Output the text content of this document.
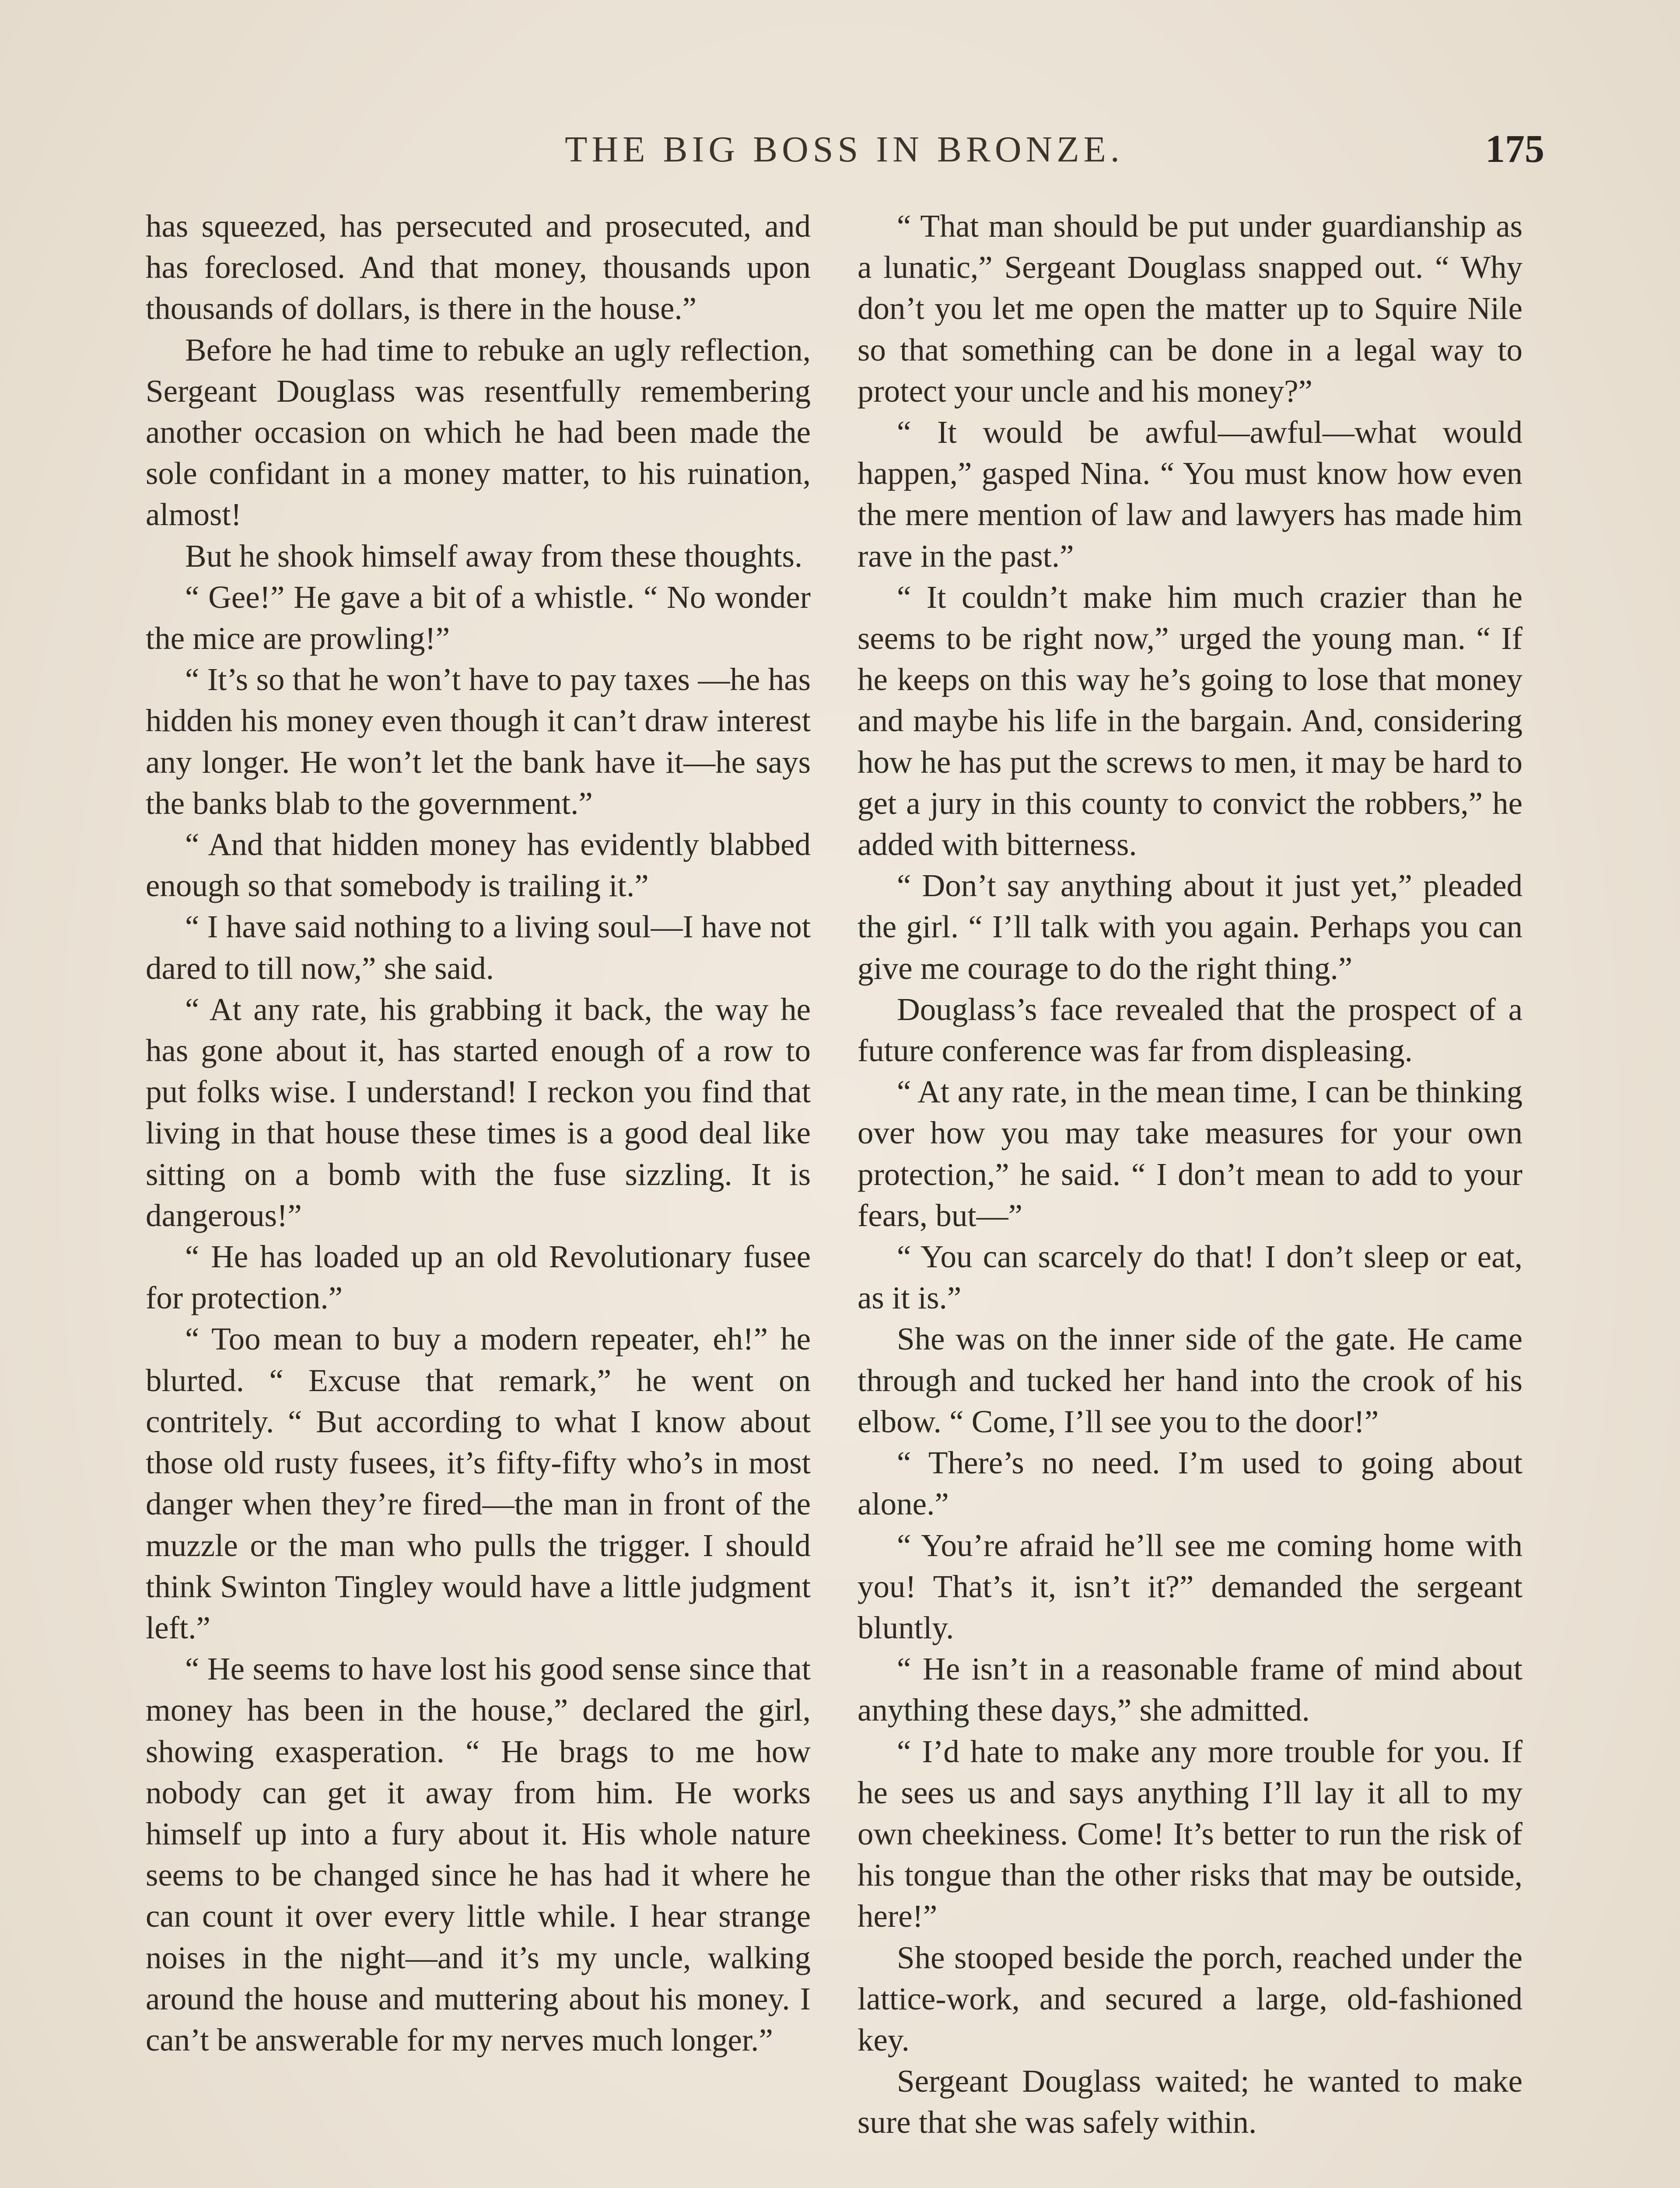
THE BIG BOSS IN BRONZE.	175

has squeezed, has persecuted and prosecuted, and has foreclosed. And that money, thousands upon thousands of dollars, is there in the house.”

Before he had time to rebuke an ugly reflection, Sergeant Douglass was resentfully remembering another occasion on which he had been made the sole confidant in a money matter, to his ruination, almost!

But he shook himself away from these thoughts.

“ Gee!” He gave a bit of a whistle. “ No wonder the mice are prowling!”

“ It’s so that he won’t have to pay taxes —he has hidden his money even though it can’t draw interest any longer. He won’t let the bank have it—he says the banks blab to the government.”

“ And that hidden money has evidently blabbed enough so that somebody is trailing it.”

“ I have said nothing to a living soul—I have not dared to till now,” she said.

“ At any rate, his grabbing it back, the way he has gone about it, has started enough of a row to put folks wise. I understand! I reckon you find that living in that house these times is a good deal like sitting on a bomb with the fuse sizzling. It is dangerous!”

“ He has loaded up an old Revolutionary fusee for protection.”

“ Too mean to buy a modern repeater, eh!” he blurted. “ Excuse that remark,” he went on contritely. “ But according to what I know about those old rusty fusees, it’s fifty-fifty who’s in most danger when they’re fired—the man in front of the muzzle or the man who pulls the trigger. I should think Swinton Tingley would have a little judgment left.”

“ He seems to have lost his good sense since that money has been in the house,” declared the girl, showing exasperation. “ He brags to me how nobody can get it away from him. He works himself up into a fury about it. His whole nature seems to be changed since he has had it where he can count it over every little while. I hear strange noises in the night—and it’s my uncle, walking around the house and muttering about his money. I can’t be answerable for my nerves much longer.”

“ That man should be put under guardianship as a lunatic,” Sergeant Douglass snapped out. “ Why don’t you let me open the matter up to Squire Nile so that something can be done in a legal way to protect your uncle and his money?”

“ It would be awful—awful—what would happen,” gasped Nina. “ You must know how even the mere mention of law and lawyers has made him rave in the past.”

“ It couldn’t make him much crazier than he seems to be right now,” urged the young man. “ If he keeps on this way he’s going to lose that money and maybe his life in the bargain. And, considering how he has put the screws to men, it may be hard to get a jury in this county to convict the robbers,” he added with bitterness.

“ Don’t say anything about it just yet,” pleaded the girl. “ I’ll talk with you again. Perhaps you can give me courage to do the right thing.”

Douglass’s face revealed that the prospect of a future conference was far from displeasing.

“ At any rate, in the mean time, I can be thinking over how you may take measures for your own protection,” he said. “ I don’t mean to add to your fears, but—”

“ You can scarcely do that! I don’t sleep or eat, as it is.”

She was on the inner side of the gate. He came through and tucked her hand into the crook of his elbow. “ Come, I’ll see you to the door!”

“ There’s no need. I’m used to going about alone.”

“ You’re afraid he’ll see me coming home with you! That’s it, isn’t it?” demanded the sergeant bluntly.

“ He isn’t in a reasonable frame of mind about anything these days,” she admitted.

“ I’d hate to make any more trouble for you. If he sees us and says anything I’ll lay it all to my own cheekiness. Come! It’s better to run the risk of his tongue than the other risks that may be outside, here!”

She stooped beside the porch, reached under the lattice-work, and secured a large, old-fashioned key.

Sergeant Douglass waited; he wanted to make sure that she was safely within.
